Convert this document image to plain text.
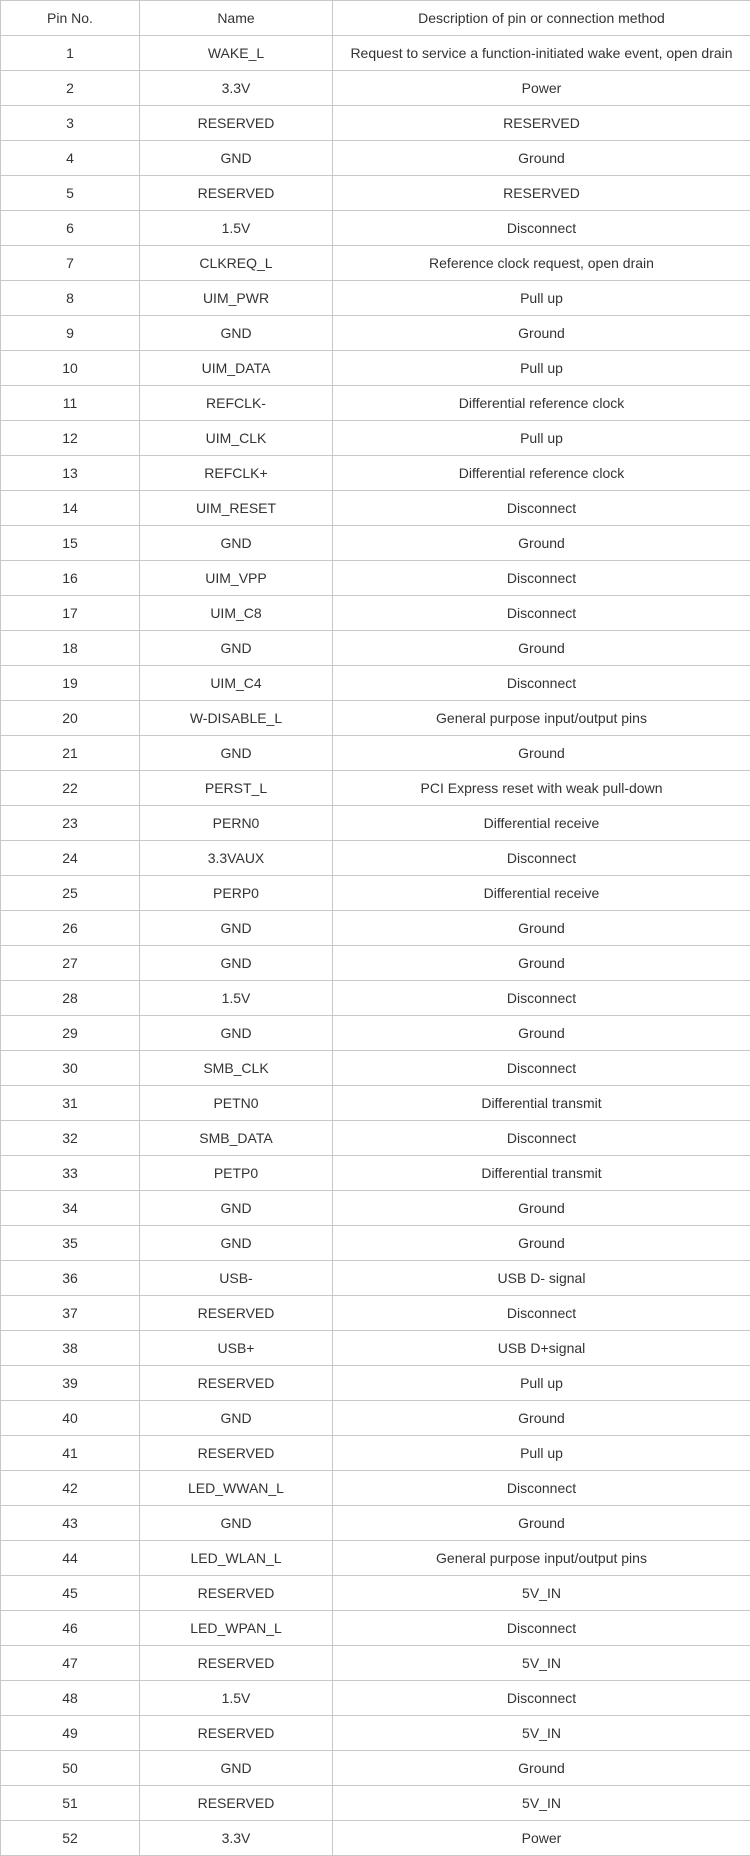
Pin No.	Name	Description of pin or connection method
1	WAKE_L	Request to service a function-initiated wake event, open drain
2	3.3V	Power
3	RESERVED	RESERVED
4	GND	Ground
5	RESERVED	RESERVED
6	1.5V	Disconnect
7	CLKREQ_L	Reference clock request, open drain
8	UIM_PWR	Pull up
9	GND	Ground
10	UIM_DATA	Pull up
11	REFCLK-	Differential reference clock
12	UIM_CLK	Pull up
13	REFCLK+	Differential reference clock
14	UIM_RESET	Disconnect
15	GND	Ground
16	UIM_VPP	Disconnect
17	UIM_C8	Disconnect
18	GND	Ground
19	UIM_C4	Disconnect
20	W-DISABLE_L	General purpose input/output pins
21	GND	Ground
22	PERST_L	PCI Express reset with weak pull-down
23	PERN0	Differential receive
24	3.3VAUX	Disconnect
25	PERP0	Differential receive
26	GND	Ground
27	GND	Ground
28	1.5V	Disconnect
29	GND	Ground
30	SMB_CLK	Disconnect
31	PETN0	Differential transmit
32	SMB_DATA	Disconnect
33	PETP0	Differential transmit
34	GND	Ground
35	GND	Ground
36	USB-	USB D- signal
37	RESERVED	Disconnect
38	USB+	USB D+signal
39	RESERVED	Pull up
40	GND	Ground
41	RESERVED	Pull up
42	LED_WWAN_L	Disconnect
43	GND	Ground
44	LED_WLAN_L	General purpose input/output pins
45	RESERVED	5V_IN
46	LED_WPAN_L	Disconnect
47	RESERVED	5V_IN
48	1.5V	Disconnect
49	RESERVED	5V_IN
50	GND	Ground
51	RESERVED	5V_IN
52	3.3V	Power
